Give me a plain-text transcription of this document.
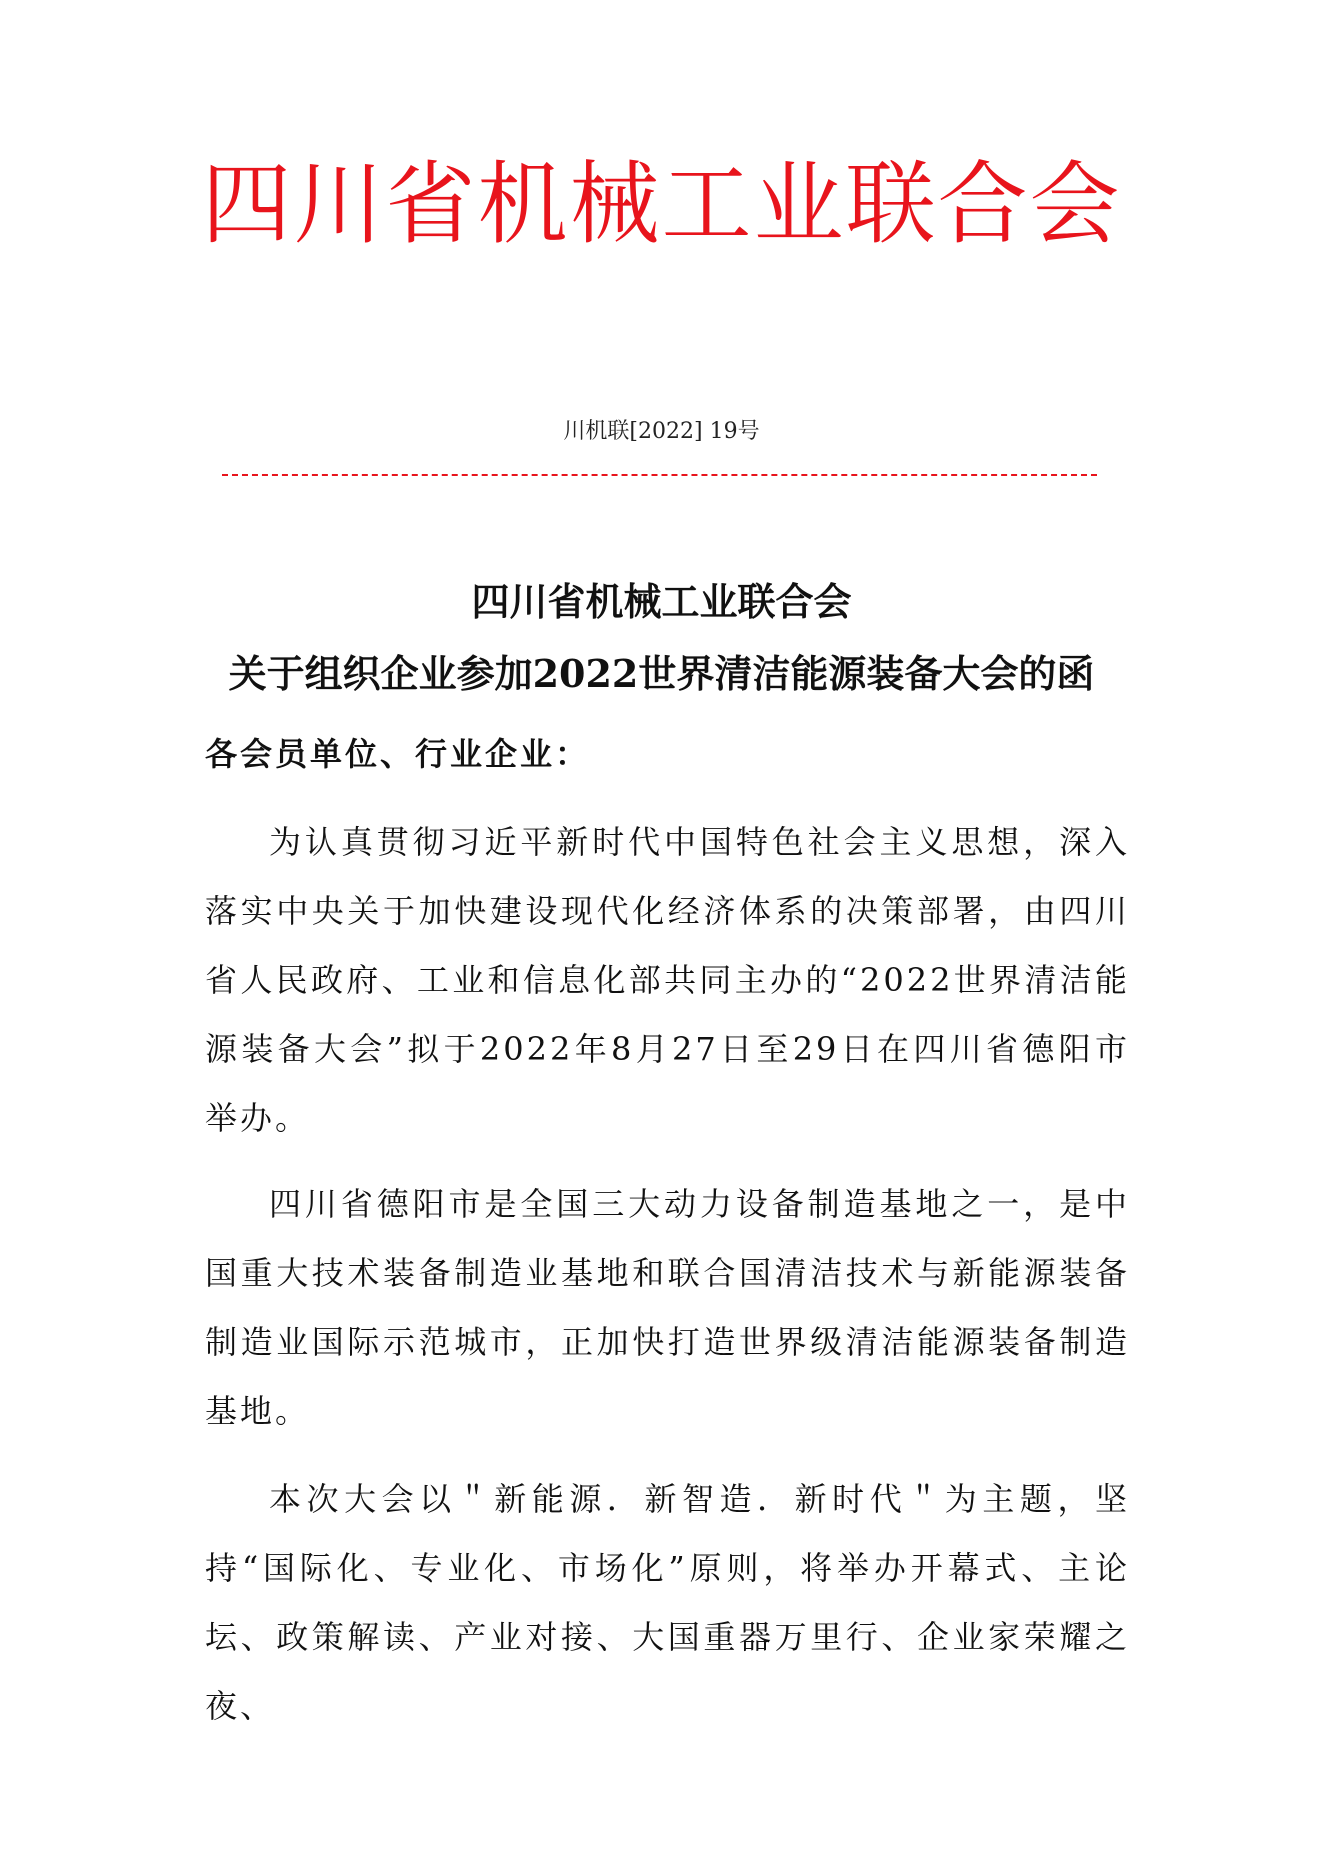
四川省机械工业联合会
川机联[2022] 19号
四川省机械工业联合会
关于组织企业参加2022世界清洁能源装备大会的函
各会员单位、行业企业：

为认真贯彻习近平新时代中国特色社会主义思想，深入落实中央关于加快建设现代化经济体系的决策部署，由四川省人民政府、工业和信息化部共同主办的“2022世界清洁能源装备大会”拟于2022年8月27日至29日在四川省德阳市举办。

四川省德阳市是全国三大动力设备制造基地之一，是中国重大技术装备制造业基地和联合国清洁技术与新能源装备制造业国际示范城市，正加快打造世界级清洁能源装备制造基地。

本次大会以＂新能源．新智造．新时代＂为主题，坚持“国际化、专业化、市场化”原则，将举办开幕式、主论坛、政策解读、产业对接、大国重器万里行、企业家荣耀之夜、
